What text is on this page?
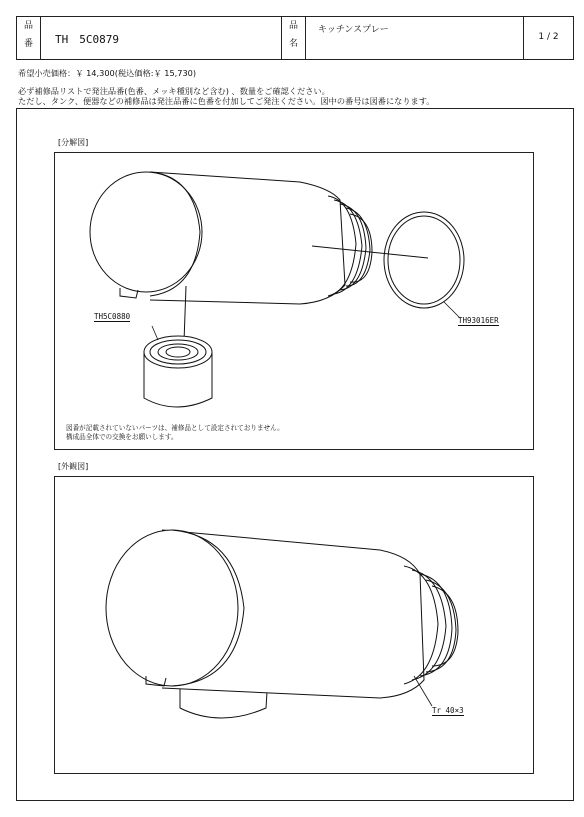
品
番	TH　5C0879
品
名
キッチンスプレー
1 / 2
希望小売価格：￥ 14,300(税込価格:￥ 15,730)
必ず補修品リストで発注品番(色番、メッキ種別など含む) 、数量をご確認ください。
ただし、タンク、便器などの補修品は発注品番に色番を付加してご発注ください。図中の番号は図番になります。
[分解図]
TH5C0880	TH93016ER
図番が記載されていないパーツは、補修品として設定されておりません。
構成品全体での交換をお願いします。
[外観図]
Tr 40×3
